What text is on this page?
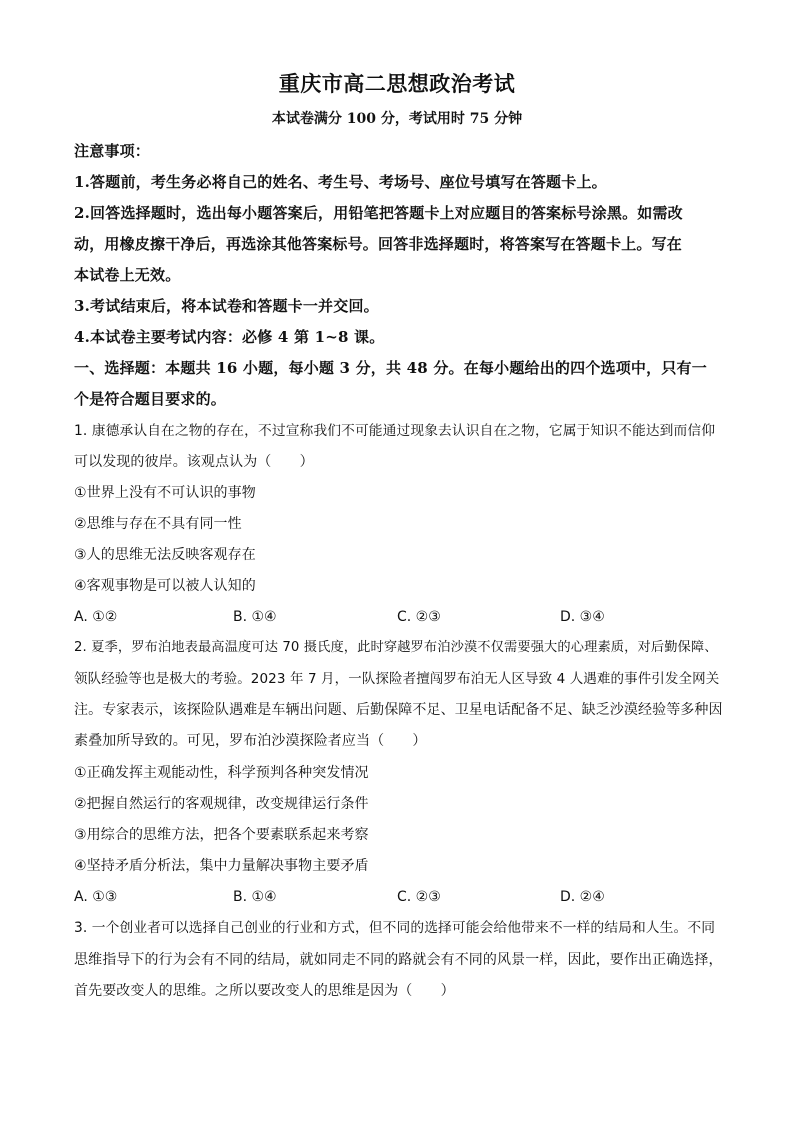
重庆市高二思想政治考试
本试卷满分 100 分，考试用时 75 分钟
注意事项：
1.答题前，考生务必将自己的姓名、考生号、考场号、座位号填写在答题卡上。
2.回答选择题时，选出每小题答案后，用铅笔把答题卡上对应题目的答案标号涂黑。如需改
动，用橡皮擦干净后，再选涂其他答案标号。回答非选择题时，将答案写在答题卡上。写在
本试卷上无效。
3.考试结束后，将本试卷和答题卡一并交回。
4.本试卷主要考试内容：必修 4 第 1~8 课。
一、选择题：本题共 16 小题，每小题 3 分，共 48 分。在每小题给出的四个选项中，只有一
个是符合题目要求的。
1. 康德承认自在之物的存在，不过宣称我们不可能通过现象去认识自在之物，它属于知识不能达到而信仰
可以发现的彼岸。该观点认为（　　）
①世界上没有不可认识的事物
②思维与存在不具有同一性
③人的思维无法反映客观存在
④客观事物是可以被人认知的
A. ①②	B. ①④	C. ②③	D. ③④
2. 夏季，罗布泊地表最高温度可达 70 摄氏度，此时穿越罗布泊沙漠不仅需要强大的心理素质，对后勤保障、
领队经验等也是极大的考验。2023 年 7 月，一队探险者擅闯罗布泊无人区导致 4 人遇难的事件引发全网关
注。专家表示，该探险队遇难是车辆出问题、后勤保障不足、卫星电话配备不足、缺乏沙漠经验等多种因
素叠加所导致的。可见，罗布泊沙漠探险者应当（　　）
①正确发挥主观能动性，科学预判各种突发情况
②把握自然运行的客观规律，改变规律运行条件
③用综合的思维方法，把各个要素联系起来考察
④坚持矛盾分析法，集中力量解决事物主要矛盾
A. ①③	B. ①④	C. ②③	D. ②④
3. 一个创业者可以选择自己创业的行业和方式，但不同的选择可能会给他带来不一样的结局和人生。不同
思维指导下的行为会有不同的结局，就如同走不同的路就会有不同的风景一样，因此，要作出正确选择，
首先要改变人的思维。之所以要改变人的思维是因为（　　）
